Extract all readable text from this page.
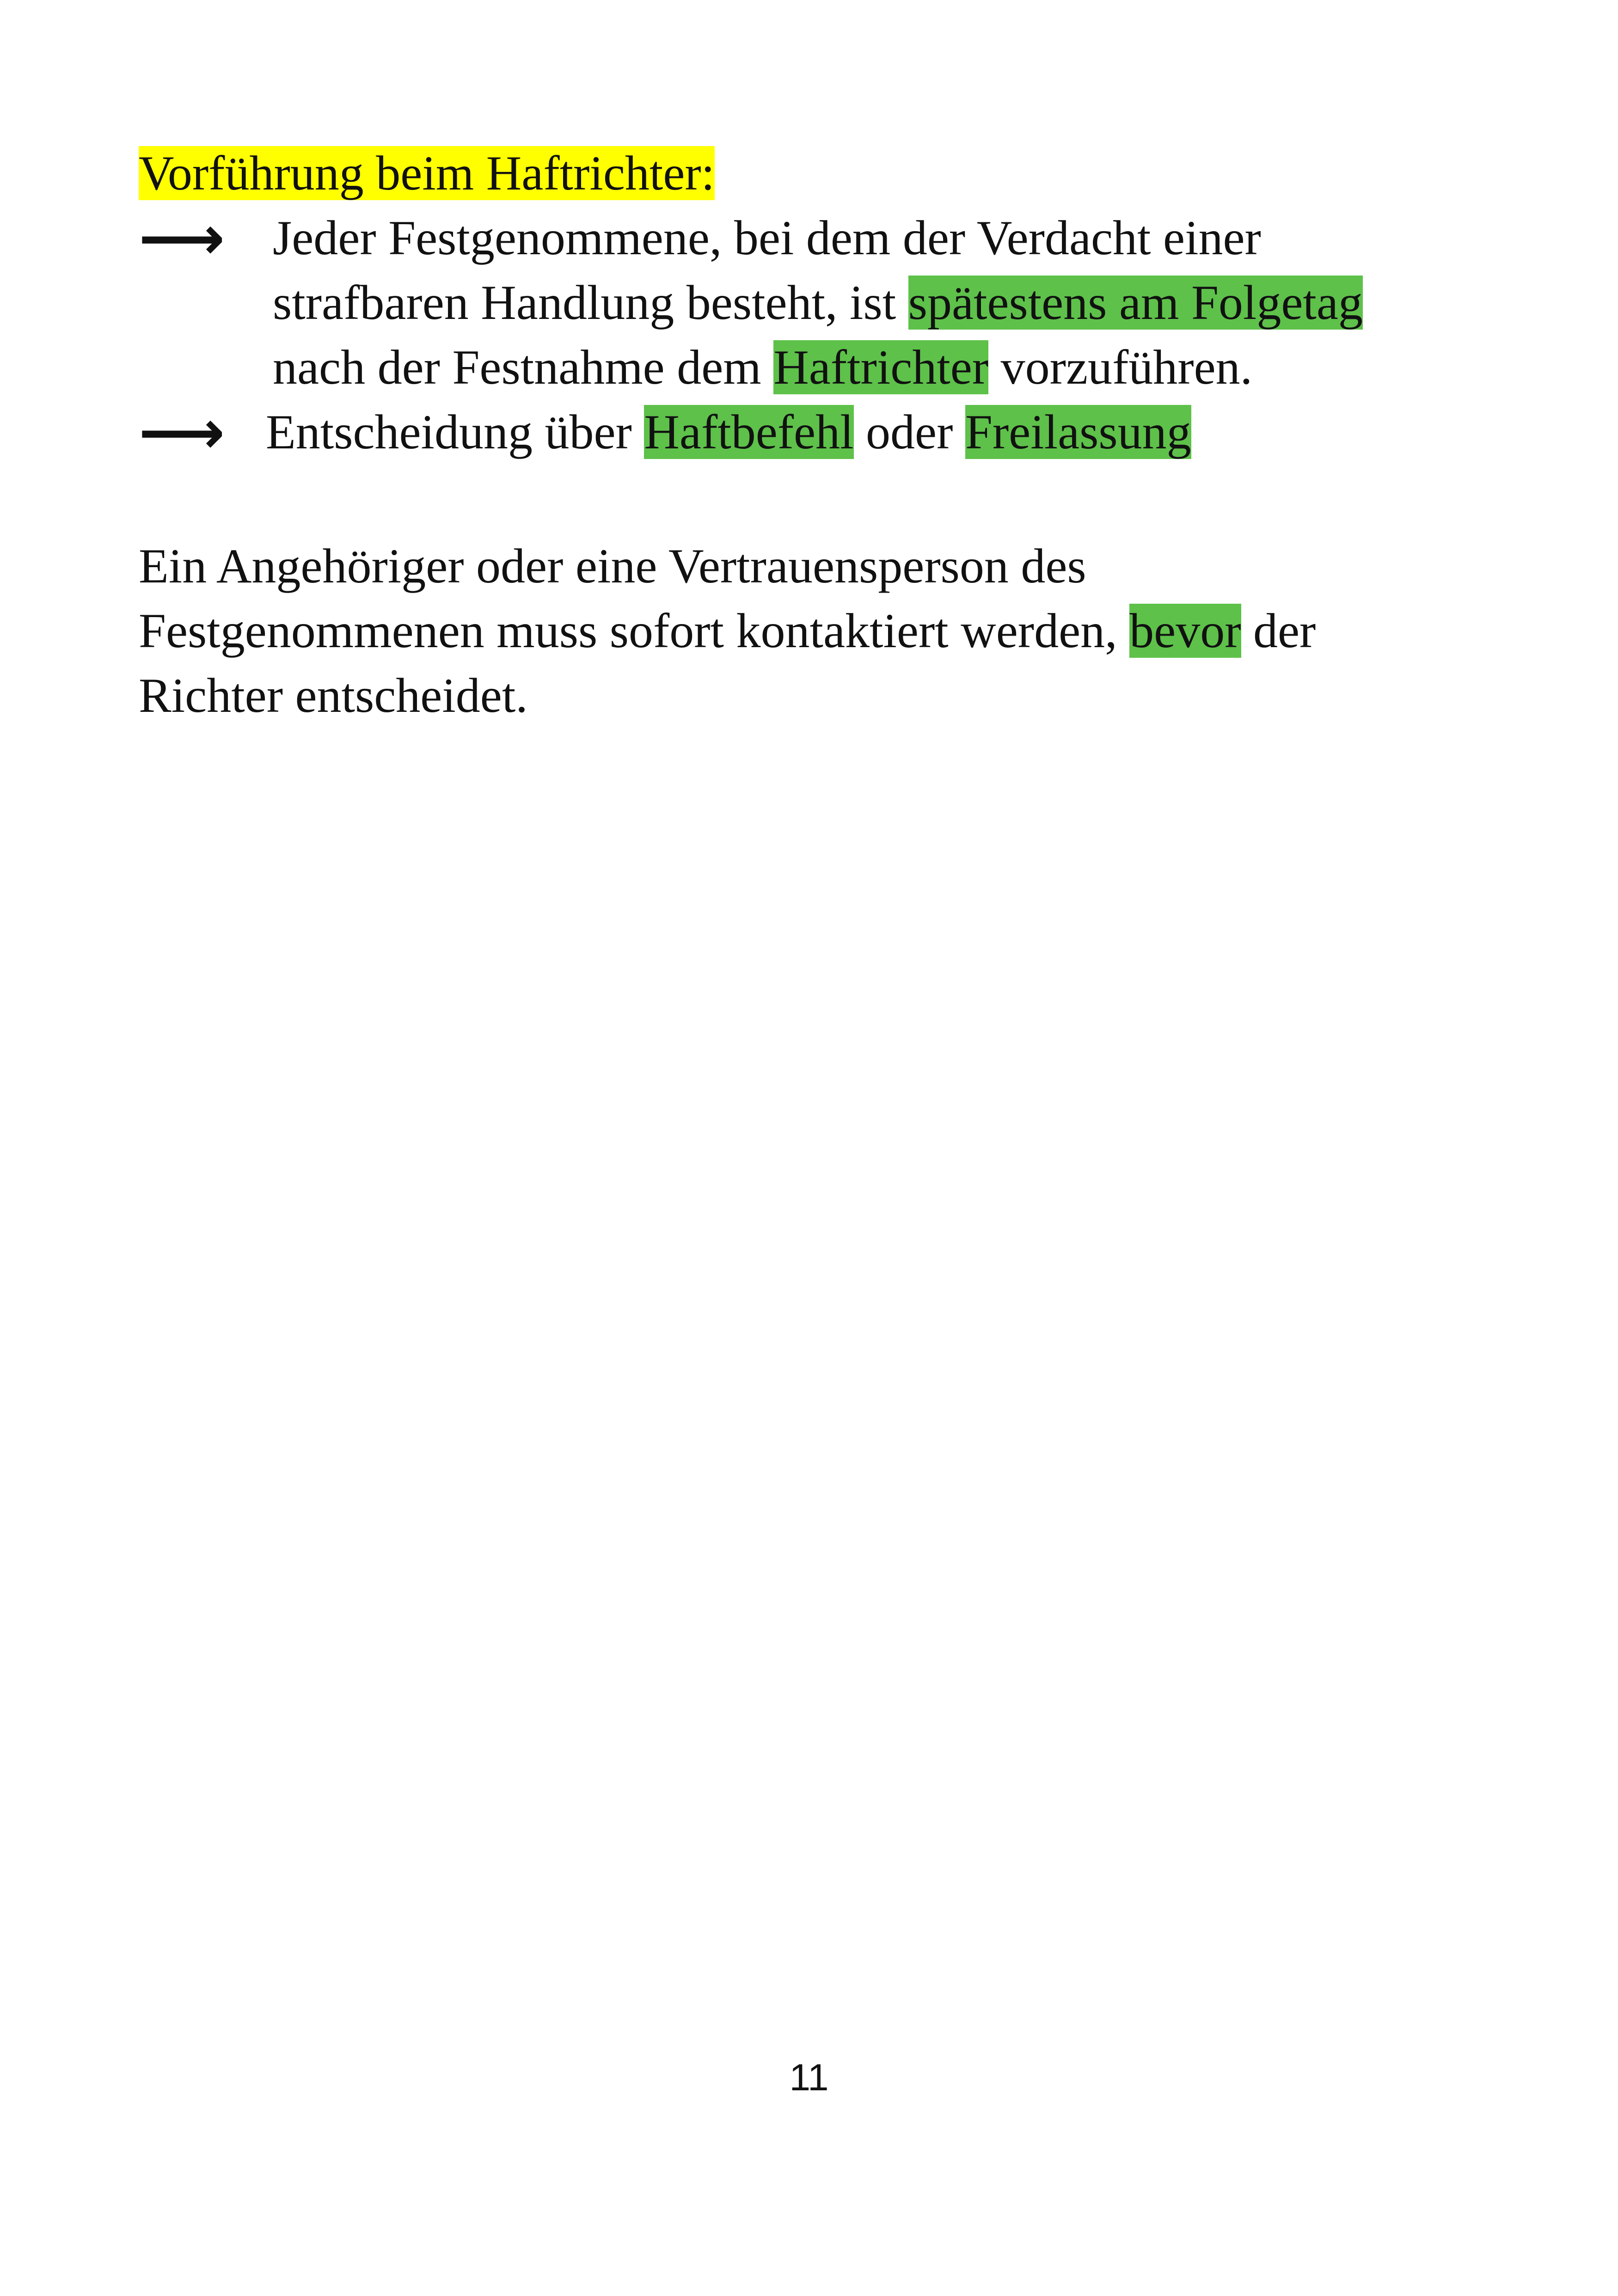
Vorführung beim Haftrichter:
⟶ Jeder Festgenommene, bei dem der Verdacht einer
strafbaren Handlung besteht, ist spätestens am Folgetag
nach der Festnahme dem Haftrichter vorzuführen.
⟶ Entscheidung über Haftbefehl oder Freilassung
Ein Angehöriger oder eine Vertrauensperson des
Festgenommenen muss sofort kontaktiert werden, bevor der
Richter entscheidet.
11
